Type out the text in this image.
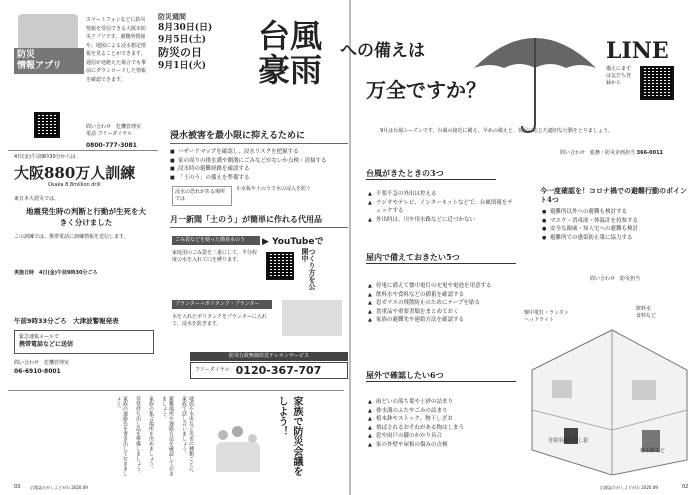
防災
情報アプリ
スマートフォンなどに防災情報を受信できる大阪市防災アプリです。避難所情報や、地図による浸水想定情報を見ることができます。通信が途絶えた場合でも事前にダウンロードした情報を確認できます。
問い合わせ　危機管理室　電話 フリーダイヤル
0800-777-3081
防災週間
8月30日(日)
9月5日(土)
防災の日
9月1日(火)
浸水被害を最小限に抑えるために
■ ハザードマップを確認し、浸水リスクを把握する
■ 家の周りの排水溝や側溝にごみなどがないか点検・清掃する
■ 浸水時の避難経路を確認する
■ 「土のう」の備えを準備する
浸水の恐れがある場所では
止水板や土のうで水の浸入を防ぐ
4日(金)午前9時30分からは
大阪880万人訓練
Osaka 8.8million drill
東日本大震災では、
地震発生時の判断と行動が生死を大きく分けました
この訓練では、携帯電話に訓練情報を送信します。
実施日時　4日(金)午前9時30分ごろ
午前9時33分ごろ　大津波警報発表
緊急速報メールで
携帯電話などに送信
問い合わせ　危機管理室
06-6910-8001
月一新聞「土のう」が簡単に作れる代用品
ごみ袋などを使った簡易水のう
家庭用のごみ袋を二重にして、半分程度の水を入れて口を縛ります。
▶ YouTubeで
つくり方を公開中
プランター＋ポリタンク・プランター
水を入れたポリタンクをプランターに入れて、浸水を防ぎます。
防災行政無線放送テレホンサービス
フリーダイヤル 0120-367-707
地震や水害など災害の種類ごとに、家族で話し合いましょう。
避難場所や連絡方法を確認しておきましょう。
家族の集合場所を決めましょう。
非常持ち出し品を準備しましょう。
家族の連絡先を書き出しておきましょう。	家族で防災会議をしよう！
03 広報誌ひがしよどがわ 2020.09
台風
豪雨 への備えは
万全ですか？
LINE
備えにまずは友だち登録から
9月は台風シーズンです。台風の接近に備え、早めの備えと、状況に応じた適切な行動をとりましょう。
問い合わせ　総務・防災企画担当 366-0011
台風がきたときの3つ
▲ 不要不急の外出は控える
▲ ラジオやテレビ、インターネットなどで、台風情報をチェックする
▲ 外出時は、川や用水路などに近づかない
今一度確認を！コロナ禍での避難行動のポイント4つ
● 避難所以外への避難も検討する
● マスク・消毒液・体温計を持参する
● 安全な親戚・知人宅への避難も検討
● 避難所での感染防止策に協力する
問い合わせ　防災担当
屋内で備えておきたい5つ
▲ 停電に備えて懐中電灯の充電や電池を用意する
▲ 飲料水や食料などの備蓄を確認する
▲ 窓ガラスの飛散防止のためにテープを貼る
▲ 貴重品や重要書類をまとめておく
▲ 家族の避難先や連絡方法を確認する
屋外で確認したい6つ
▲ 雨どいの落ち葉や土砂の詰まり
▲ 排水溝のふたやごみの詰まり
▲ 植木鉢やストック、物干しざお
▲ 飛ばされるおそれがある物はしまう
▲ 窓や雨戸の鍵のかかり具合
▲ 家の外壁や屋根の傷みの点検
懐中電灯・ランタン
ヘッドライト
飲料水
食料など
非常用持ち出し袋
植木鉢など
広報誌ひがしよどがわ 2020.09	02
